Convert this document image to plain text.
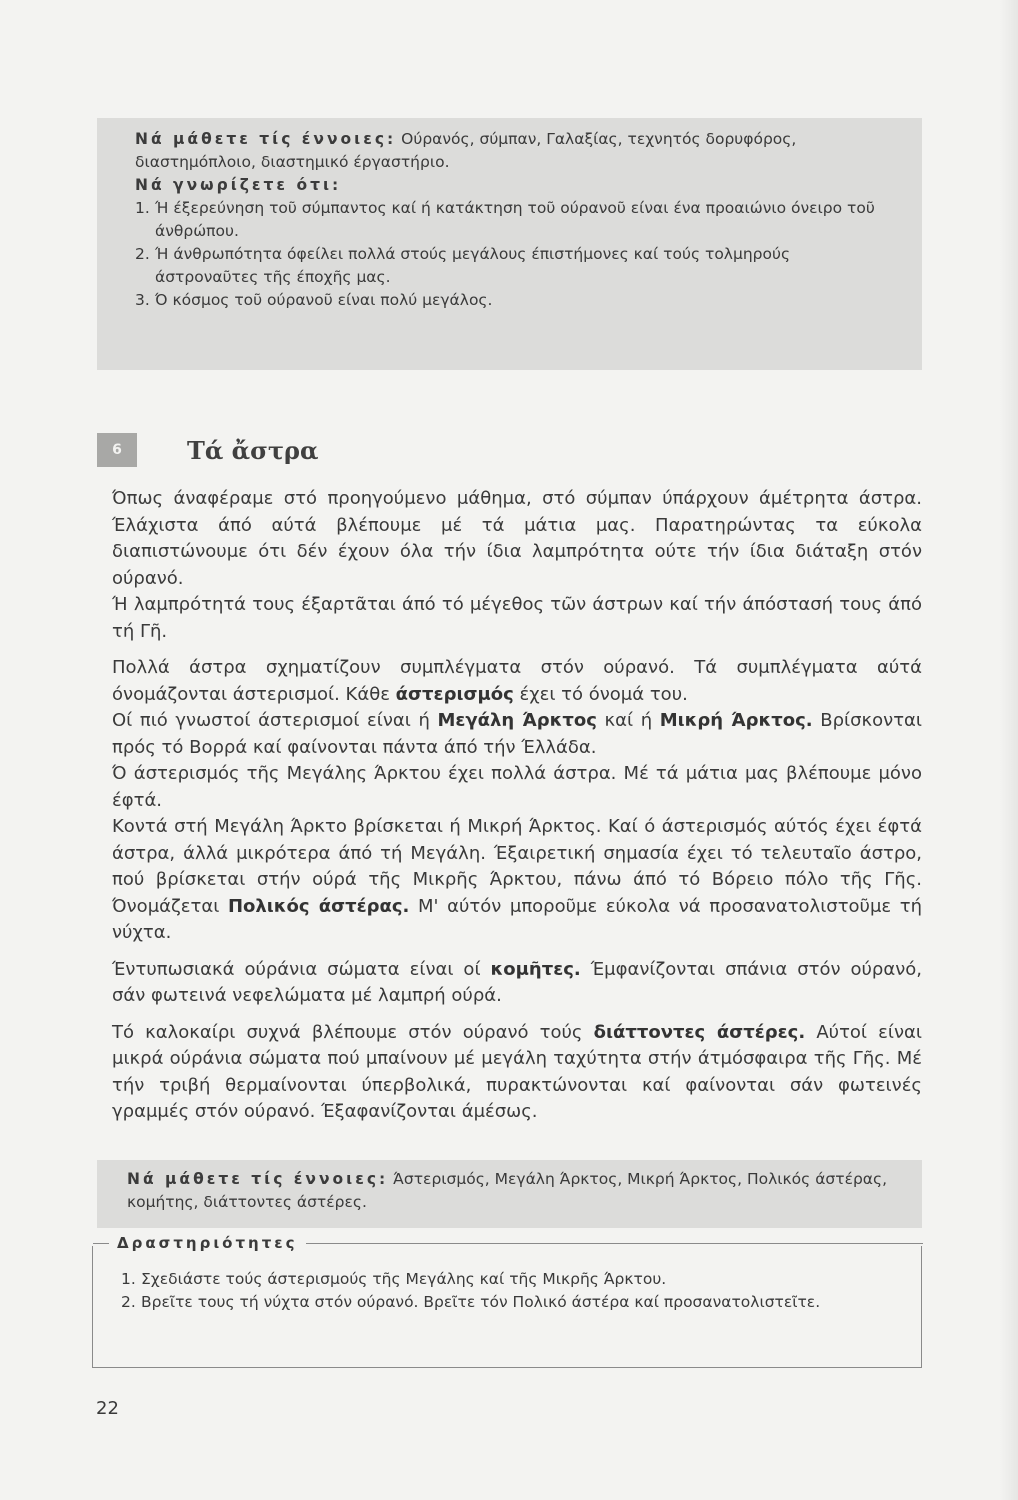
Νά μάθετε τίς έννοιες: Ούρανός, σύμπαν, Γαλαξίας, τεχνητός δορυφόρος, διαστημόπλοιο, διαστημικό έργαστήριο.

Νά γνωρίζετε ότι:

1. Ή έξερεύνηση τοῦ σύμπαντος καί ή κατάκτηση τοῦ ούρανοῦ είναι ένα προαιώνιο όνειρο τοῦ άνθρώπου.
2. Ή άνθρωπότητα όφείλει πολλά στούς μεγάλους έπιστήμονες καί τούς τολμηρούς άστροναῦτες τῆς έποχῆς μας.
3. Ό κόσμος τοῦ ούρανοῦ είναι πολύ μεγάλος.
6	Τά ἄστρα

Όπως άναφέραμε στό προηγούμενο μάθημα, στό σύμπαν ύπάρχουν άμέτρητα άστρα. Έλάχιστα άπό αύτά βλέπουμε μέ τά μάτια μας. Παρατηρώντας τα εύκολα διαπιστώνουμε ότι δέν έχουν όλα τήν ίδια λαμπρότητα ούτε τήν ίδια διάταξη στόν ούρανό.

Ή λαμπρότητά τους έξαρτᾶται άπό τό μέγεθος τῶν άστρων καί τήν άπόστασή τους άπό τή Γῆ.

Πολλά άστρα σχηματίζουν συμπλέγματα στόν ούρανό. Τά συμπλέγματα αύτά όνομάζονται άστερισμοί. Κάθε άστερισμός έχει τό όνομά του.

Οί πιό γνωστοί άστερισμοί είναι ή Μεγάλη Άρκτος καί ή Μικρή Άρκτος. Βρίσκονται πρός τό Βορρά καί φαίνονται πάντα άπό τήν Έλλάδα.

Ό άστερισμός τῆς Μεγάλης Άρκτου έχει πολλά άστρα. Μέ τά μάτια μας βλέπουμε μόνο έφτά.

Κοντά στή Μεγάλη Άρκτο βρίσκεται ή Μικρή Άρκτος. Καί ό άστερισμός αύτός έχει έφτά άστρα, άλλά μικρότερα άπό τή Μεγάλη. Έξαιρετική σημασία έχει τό τελευταῖο άστρο, πού βρίσκεται στήν ούρά τῆς Μικρῆς Άρκτου, πάνω άπό τό Βόρειο πόλο τῆς Γῆς. Όνομάζεται Πολικός άστέρας. Μ' αύτόν μποροῦμε εύκολα νά προσανατολιστοῦμε τή νύχτα.

Έντυπωσιακά ούράνια σώματα είναι οί κομῆτες. Έμφανίζονται σπάνια στόν ούρανό, σάν φωτεινά νεφελώματα μέ λαμπρή ούρά.

Τό καλοκαίρι συχνά βλέπουμε στόν ούρανό τούς διάττοντες άστέρες. Αύτοί είναι μικρά ούράνια σώματα πού μπαίνουν μέ μεγάλη ταχύτητα στήν άτμόσφαιρα τῆς Γῆς. Μέ τήν τριβή θερμαίνονται ύπερβολικά, πυρακτώνονται καί φαίνονται σάν φωτεινές γραμμές στόν ούρανό. Έξαφανίζονται άμέσως.

Νά μάθετε τίς έννοιες: Άστερισμός, Μεγάλη Άρκτος, Μικρή Άρκτος, Πολικός άστέρας, κομήτης, διάττοντες άστέρες.
Δραστηριότητες
1. Σχεδιάστε τούς άστερισμούς τῆς Μεγάλης καί τῆς Μικρῆς Άρκτου.
2. Βρεῖτε τους τή νύχτα στόν ούρανό. Βρεῖτε τόν Πολικό άστέρα καί προσανατολιστεῖτε.
22
